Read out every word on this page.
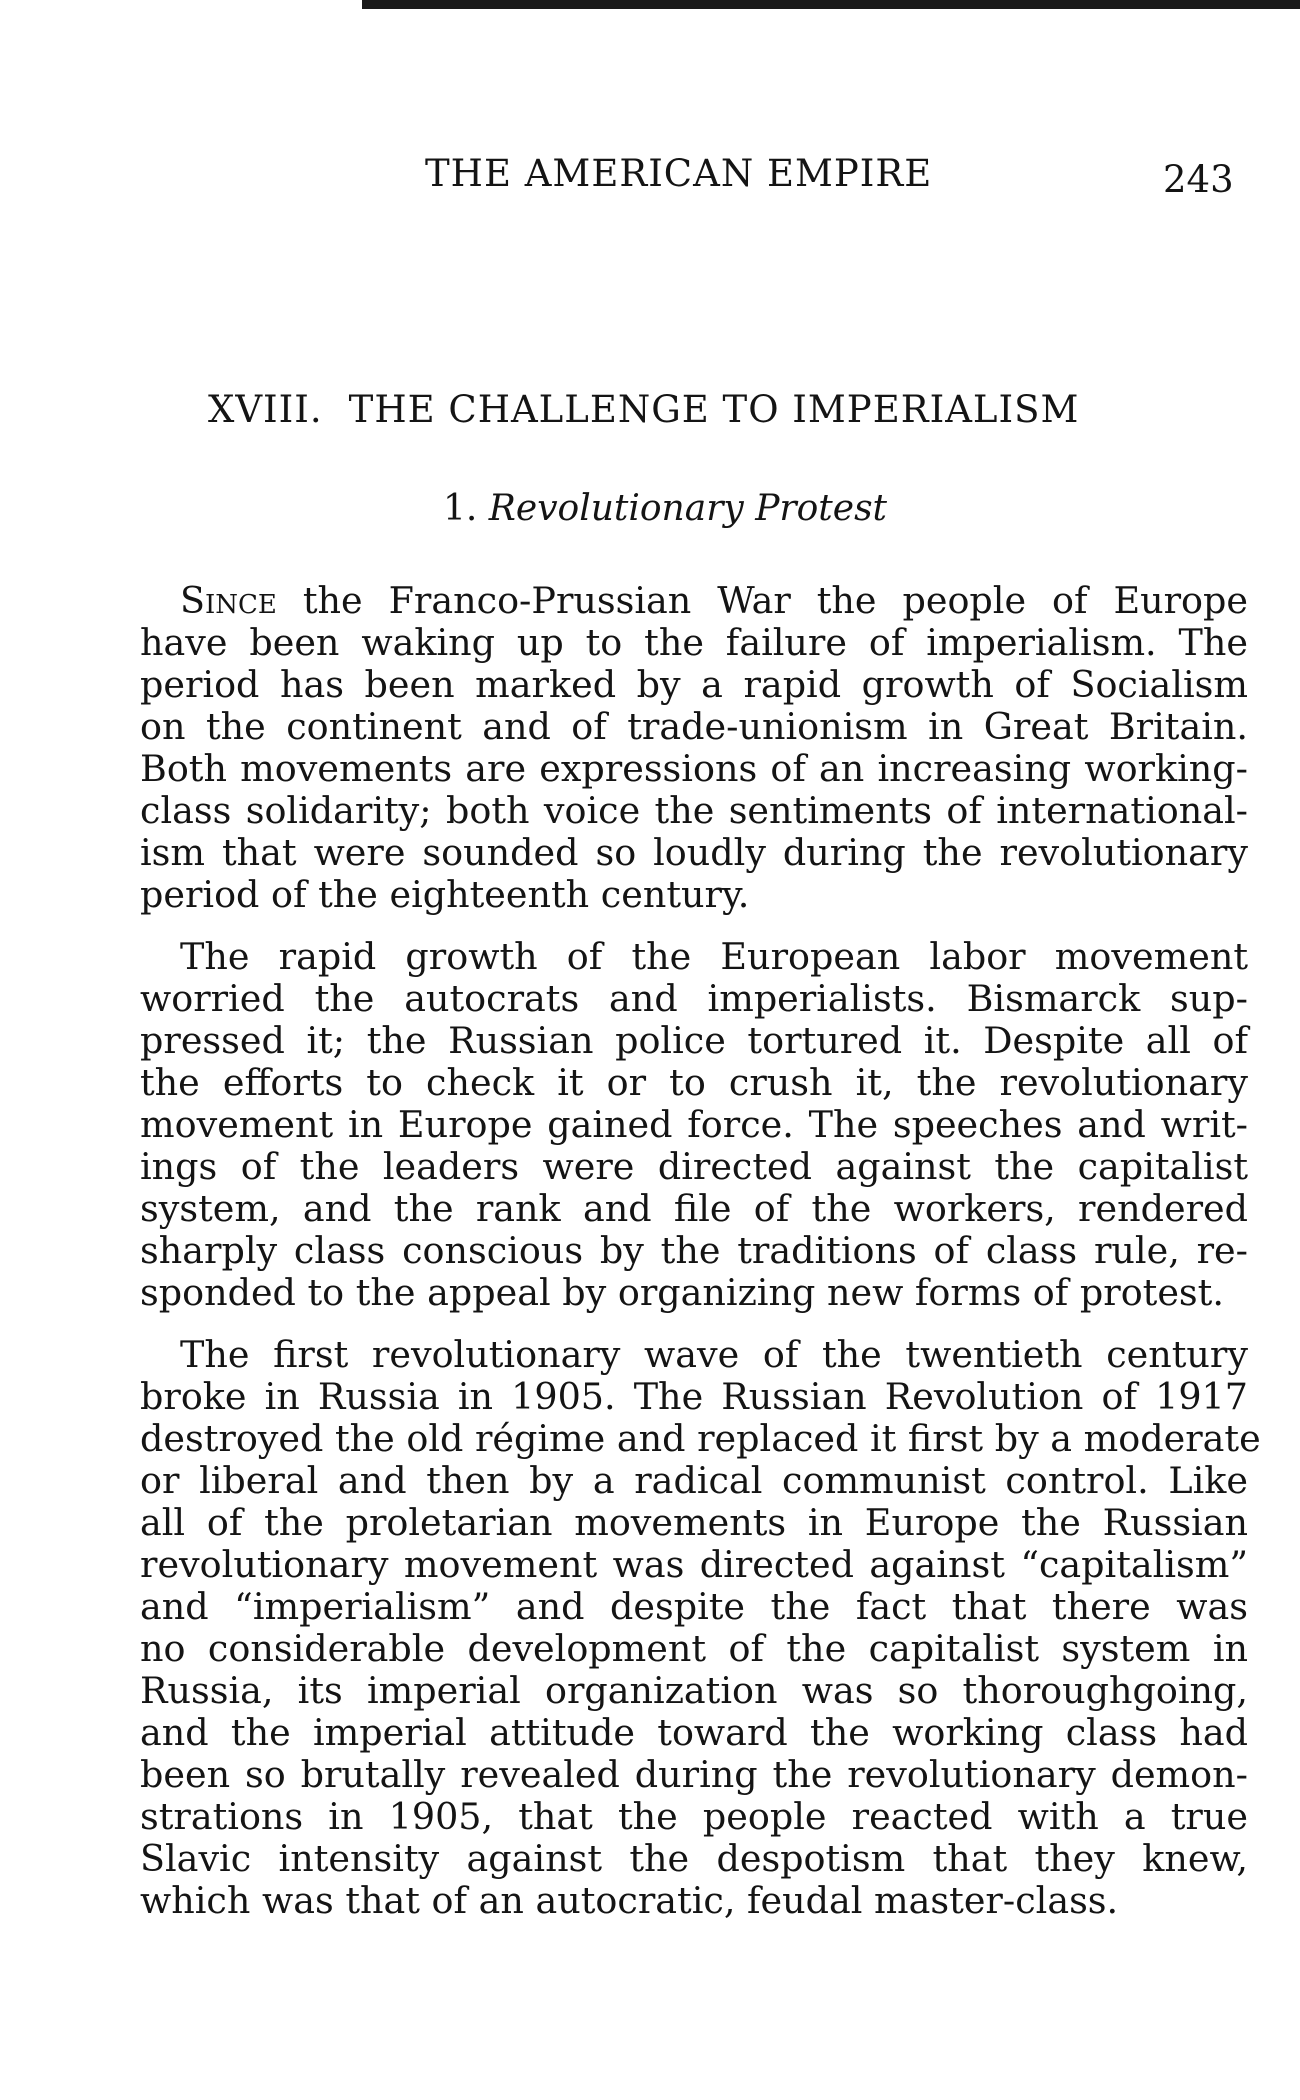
THE AMERICAN EMPIRE	243
XVIII. THE CHALLENGE TO IMPERIALISM
1. Revolutionary Protest
Since the Franco-Prussian War the people of Europe
have been waking up to the failure of imperialism. The
period has been marked by a rapid growth of Socialism
on the continent and of trade-unionism in Great Britain.
Both movements are expressions of an increasing working-
class solidarity; both voice the sentiments of international-
ism that were sounded so loudly during the revolutionary
period of the eighteenth century.
The rapid growth of the European labor movement
worried the autocrats and imperialists. Bismarck sup-
pressed it; the Russian police tortured it. Despite all of
the efforts to check it or to crush it, the revolutionary
movement in Europe gained force. The speeches and writ-
ings of the leaders were directed against the capitalist
system, and the rank and file of the workers, rendered
sharply class conscious by the traditions of class rule, re-
sponded to the appeal by organizing new forms of protest.
The first revolutionary wave of the twentieth century
broke in Russia in 1905. The Russian Revolution of 1917
destroyed the old régime and replaced it first by a moderate
or liberal and then by a radical communist control. Like
all of the proletarian movements in Europe the Russian
revolutionary movement was directed against “capitalism”
and “imperialism” and despite the fact that there was
no considerable development of the capitalist system in
Russia, its imperial organization was so thoroughgoing,
and the imperial attitude toward the working class had
been so brutally revealed during the revolutionary demon-
strations in 1905, that the people reacted with a true
Slavic intensity against the despotism that they knew,
which was that of an autocratic, feudal master-class.
